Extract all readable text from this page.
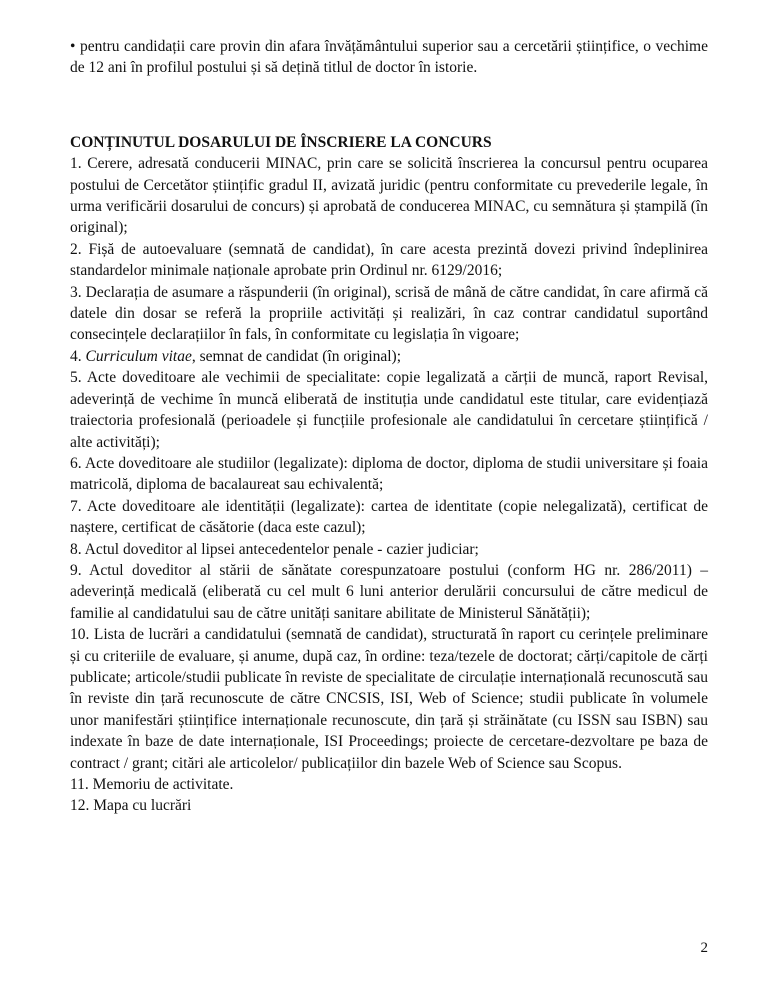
• pentru candidații care provin din afara învățământului superior sau a cercetării științifice, o vechime de 12 ani în profilul postului și să dețină titlul de doctor în istorie.

CONȚINUTUL DOSARULUI DE ÎNSCRIERE LA CONCURS

1. Cerere, adresată conducerii MINAC, prin care se solicită înscrierea la concursul pentru ocuparea postului de Cercetător științific gradul II, avizată juridic (pentru conformitate cu prevederile legale, în urma verificării dosarului de concurs) și aprobată de conducerea MINAC, cu semnătura și ștampilă (în original);

2. Fișă de autoevaluare (semnată de candidat), în care acesta prezintă dovezi privind îndeplinirea standardelor minimale naționale aprobate prin Ordinul nr. 6129/2016;

3. Declarația de asumare a răspunderii (în original), scrisă de mână de către candidat, în care afirmă că datele din dosar se referă la propriile activități și realizări, în caz contrar candidatul suportând consecințele declarațiilor în fals, în conformitate cu legislația în vigoare;

4. Curriculum vitae, semnat de candidat (în original);

5. Acte doveditoare ale vechimii de specialitate: copie legalizată a cărții de muncă, raport Revisal, adeverință de vechime în muncă eliberată de instituția unde candidatul este titular, care evidențiază traiectoria profesională (perioadele și funcțiile profesionale ale candidatului în cercetare științifică / alte activități);

6. Acte doveditoare ale studiilor (legalizate): diploma de doctor, diploma de studii universitare și foaia matricolă, diploma de bacalaureat sau echivalentă;

7. Acte doveditoare ale identității (legalizate): cartea de identitate (copie nelegalizată), certificat de naștere, certificat de căsătorie (daca este cazul);

8. Actul doveditor al lipsei antecedentelor penale - cazier judiciar;

9. Actul doveditor al stării de sănătate corespunzatoare postului (conform HG nr. 286/2011) – adeverință medicală (eliberată cu cel mult 6 luni anterior derulării concursului de către medicul de familie al candidatului sau de către unități sanitare abilitate de Ministerul Sănătății);

10. Lista de lucrări a candidatului (semnată de candidat), structurată în raport cu cerințele preliminare și cu criteriile de evaluare, și anume, după caz, în ordine: teza/tezele de doctorat; cărți/capitole de cărți publicate; articole/studii publicate în reviste de specialitate de circulație internațională recunoscută sau în reviste din țară recunoscute de către CNCSIS, ISI, Web of Science; studii publicate în volumele unor manifestări științifice internaționale recunoscute, din țară și străinătate (cu ISSN sau ISBN) sau indexate în baze de date internaționale, ISI Proceedings; proiecte de cercetare-dezvoltare pe baza de contract / grant; citări ale articolelor/ publicațiilor din bazele Web of Science sau Scopus.

11. Memoriu de activitate.

12. Mapa cu lucrări

2
